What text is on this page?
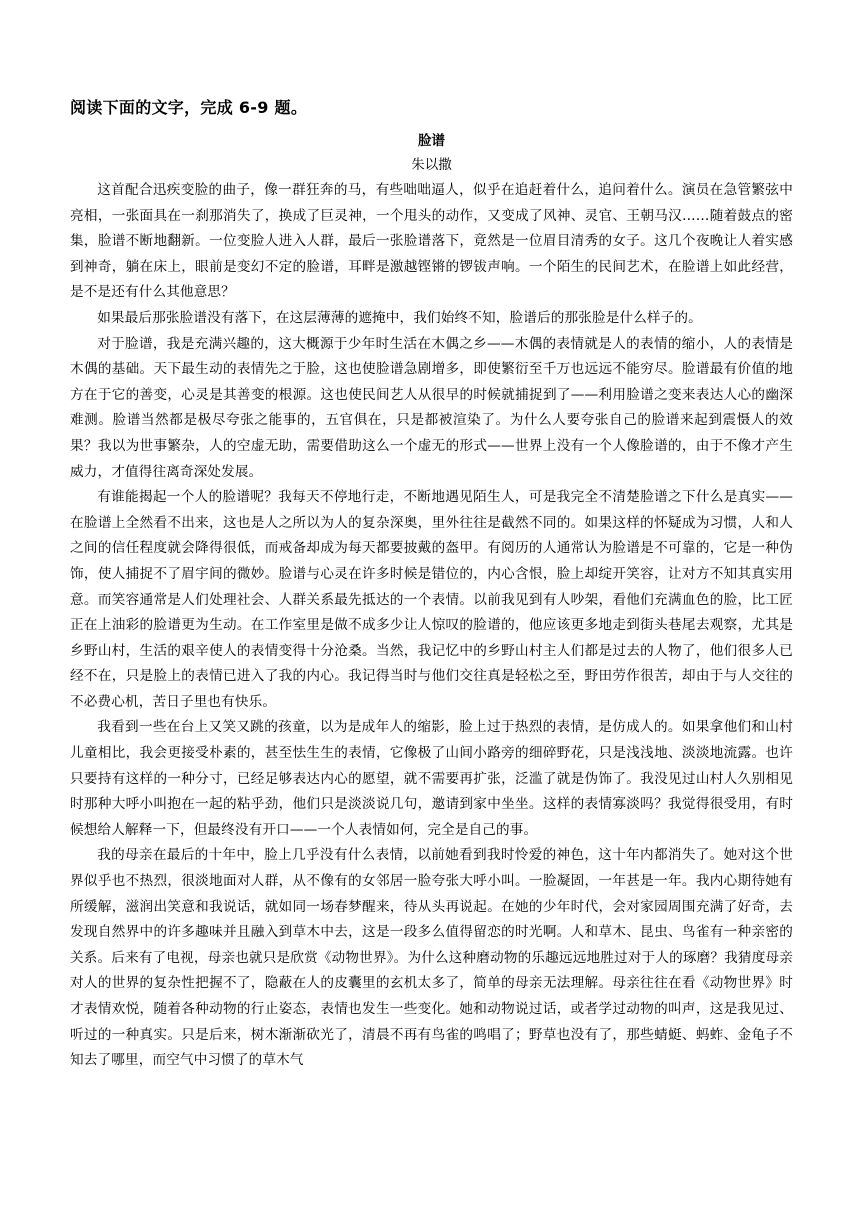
阅读下面的文字，完成 6-9 题。

脸谱

朱以撒

这首配合迅疾变脸的曲子，像一群狂奔的马，有些咄咄逼人，似乎在追赶着什么，追问着什么。演员在急管繁弦中亮相，一张面具在一刹那消失了，换成了巨灵神，一个甩头的动作，又变成了风神、灵官、王朝马汉……随着鼓点的密集，脸谱不断地翻新。一位变脸人进入人群，最后一张脸谱落下，竟然是一位眉目清秀的女子。这几个夜晚让人着实感到神奇，躺在床上，眼前是变幻不定的脸谱，耳畔是激越铿锵的锣钹声响。一个陌生的民间艺术，在脸谱上如此经营，是不是还有什么其他意思？

如果最后那张脸谱没有落下，在这层薄薄的遮掩中，我们始终不知，脸谱后的那张脸是什么样子的。

对于脸谱，我是充满兴趣的，这大概源于少年时生活在木偶之乡——木偶的表情就是人的表情的缩小，人的表情是木偶的基础。天下最生动的表情先之于脸，这也使脸谱急剧增多，即使繁衍至千万也远远不能穷尽。脸谱最有价值的地方在于它的善变，心灵是其善变的根源。这也使民间艺人从很早的时候就捕捉到了——利用脸谱之变来表达人心的幽深难测。脸谱当然都是极尽夸张之能事的，五官俱在，只是都被渲染了。为什么人要夸张自己的脸谱来起到震慑人的效果？我以为世事繁杂，人的空虚无助，需要借助这么一个虚无的形式——世界上没有一个人像脸谱的，由于不像才产生威力，才值得往离奇深处发展。

有谁能揭起一个人的脸谱呢？我每天不停地行走，不断地遇见陌生人，可是我完全不清楚脸谱之下什么是真实——在脸谱上全然看不出来，这也是人之所以为人的复杂深奥，里外往往是截然不同的。如果这样的怀疑成为习惯，人和人之间的信任程度就会降得很低，而戒备却成为每天都要披戴的盔甲。有阅历的人通常认为脸谱是不可靠的，它是一种伪饰，使人捕捉不了眉宇间的微妙。脸谱与心灵在许多时候是错位的，内心含恨，脸上却绽开笑容，让对方不知其真实用意。而笑容通常是人们处理社会、人群关系最先抵达的一个表情。以前我见到有人吵架，看他们充满血色的脸，比工匠正在上油彩的脸谱更为生动。在工作室里是做不成多少让人惊叹的脸谱的，他应该更多地走到街头巷尾去观察，尤其是乡野山村，生活的艰辛使人的表情变得十分沧桑。当然，我记忆中的乡野山村主人们都是过去的人物了，他们很多人已经不在，只是脸上的表情已进入了我的内心。我记得当时与他们交往真是轻松之至，野田劳作很苦，却由于与人交往的不必费心机，苦日子里也有快乐。

我看到一些在台上又笑又跳的孩童，以为是成年人的缩影，脸上过于热烈的表情，是仿成人的。如果拿他们和山村儿童相比，我会更接受朴素的，甚至怯生生的表情，它像极了山间小路旁的细碎野花，只是浅浅地、淡淡地流露。也许只要持有这样的一种分寸，已经足够表达内心的愿望，就不需要再扩张，泛滥了就是伪饰了。我没见过山村人久别相见时那种大呼小叫抱在一起的粘乎劲，他们只是淡淡说几句，邀请到家中坐坐。这样的表情寡淡吗？我觉得很受用，有时候想给人解释一下，但最终没有开口——一个人表情如何，完全是自己的事。

我的母亲在最后的十年中，脸上几乎没有什么表情，以前她看到我时怜爱的神色，这十年内都消失了。她对这个世界似乎也不热烈，很淡地面对人群，从不像有的女邻居一脸夸张大呼小叫。一脸凝固，一年甚是一年。我内心期待她有所缓解，滋润出笑意和我说话，就如同一场春梦醒来，待从头再说起。在她的少年时代，会对家园周围充满了好奇，去发现自然界中的许多趣味并且融入到草木中去，这是一段多么值得留恋的时光啊。人和草木、昆虫、鸟雀有一种亲密的关系。后来有了电视，母亲也就只是欣赏《动物世界》。为什么这种磨动物的乐趣远远地胜过对于人的琢磨？我猜度母亲对人的世界的复杂性把握不了，隐蔽在人的皮囊里的玄机太多了，简单的母亲无法理解。母亲往往在看《动物世界》时才表情欢悦，随着各种动物的行止姿态，表情也发生一些变化。她和动物说过话，或者学过动物的叫声，这是我见过、听过的一种真实。只是后来，树木渐渐砍光了，清晨不再有鸟雀的鸣唱了；野草也没有了，那些蜻蜓、蚂蚱、金龟子不知去了哪里，而空气中习惯了的草木气
